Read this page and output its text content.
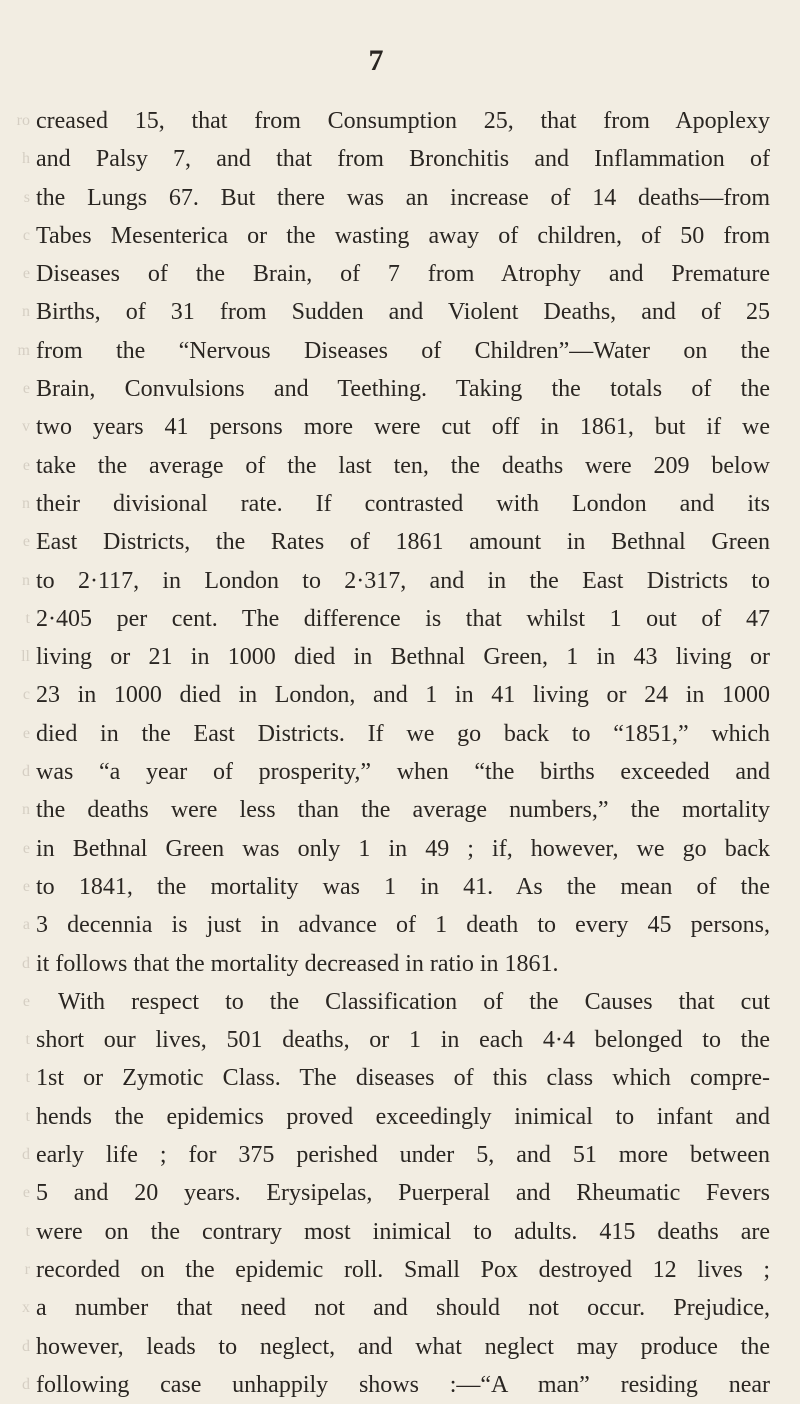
7
ro creased 15, that from Consumption 25, that from Apoplexy
h and Palsy 7, and that from Bronchitis and Inflammation of
s the Lungs 67. But there was an increase of 14 deaths—from
c Tabes Mesenterica or the wasting away of children, of 50 from
e Diseases of the Brain, of 7 from Atrophy and Premature
n Births, of 31 from Sudden and Violent Deaths, and of 25
m from the “Nervous Diseases of Children”—Water on the
e Brain, Convulsions and Teething. Taking the totals of the
v two years 41 persons more were cut off in 1861, but if we
e take the average of the last ten, the deaths were 209 below
n their divisional rate. If contrasted with London and its
e East Districts, the Rates of 1861 amount in Bethnal Green
n to 2·117, in London to 2·317, and in the East Districts to
t 2·405 per cent. The difference is that whilst 1 out of 47
ll living or 21 in 1000 died in Bethnal Green, 1 in 43 living or
c 23 in 1000 died in London, and 1 in 41 living or 24 in 1000
e died in the East Districts. If we go back to “1851,” which
d was “a year of prosperity,” when “the births exceeded and
n the deaths were less than the average numbers,” the mortality
e in Bethnal Green was only 1 in 49 ; if, however, we go back
e to 1841, the mortality was 1 in 41. As the mean of the
a 3 decennia is just in advance of 1 death to every 45 persons,
d it follows that the mortality decreased in ratio in 1861.
e With respect to the Classification of the Causes that cut
t short our lives, 501 deaths, or 1 in each 4·4 belonged to the
t 1st or Zymotic Class. The diseases of this class which compre-
t hends the epidemics proved exceedingly inimical to infant and
d early life ; for 375 perished under 5, and 51 more between
e 5 and 20 years. Erysipelas, Puerperal and Rheumatic Fevers
t were on the contrary most inimical to adults. 415 deaths are
r recorded on the epidemic roll. Small Pox destroyed 12 lives ;
x a number that need not and should not occur. Prejudice,
d however, leads to neglect, and what neglect may produce the
d following case unhappily shows :—“A man” residing near
